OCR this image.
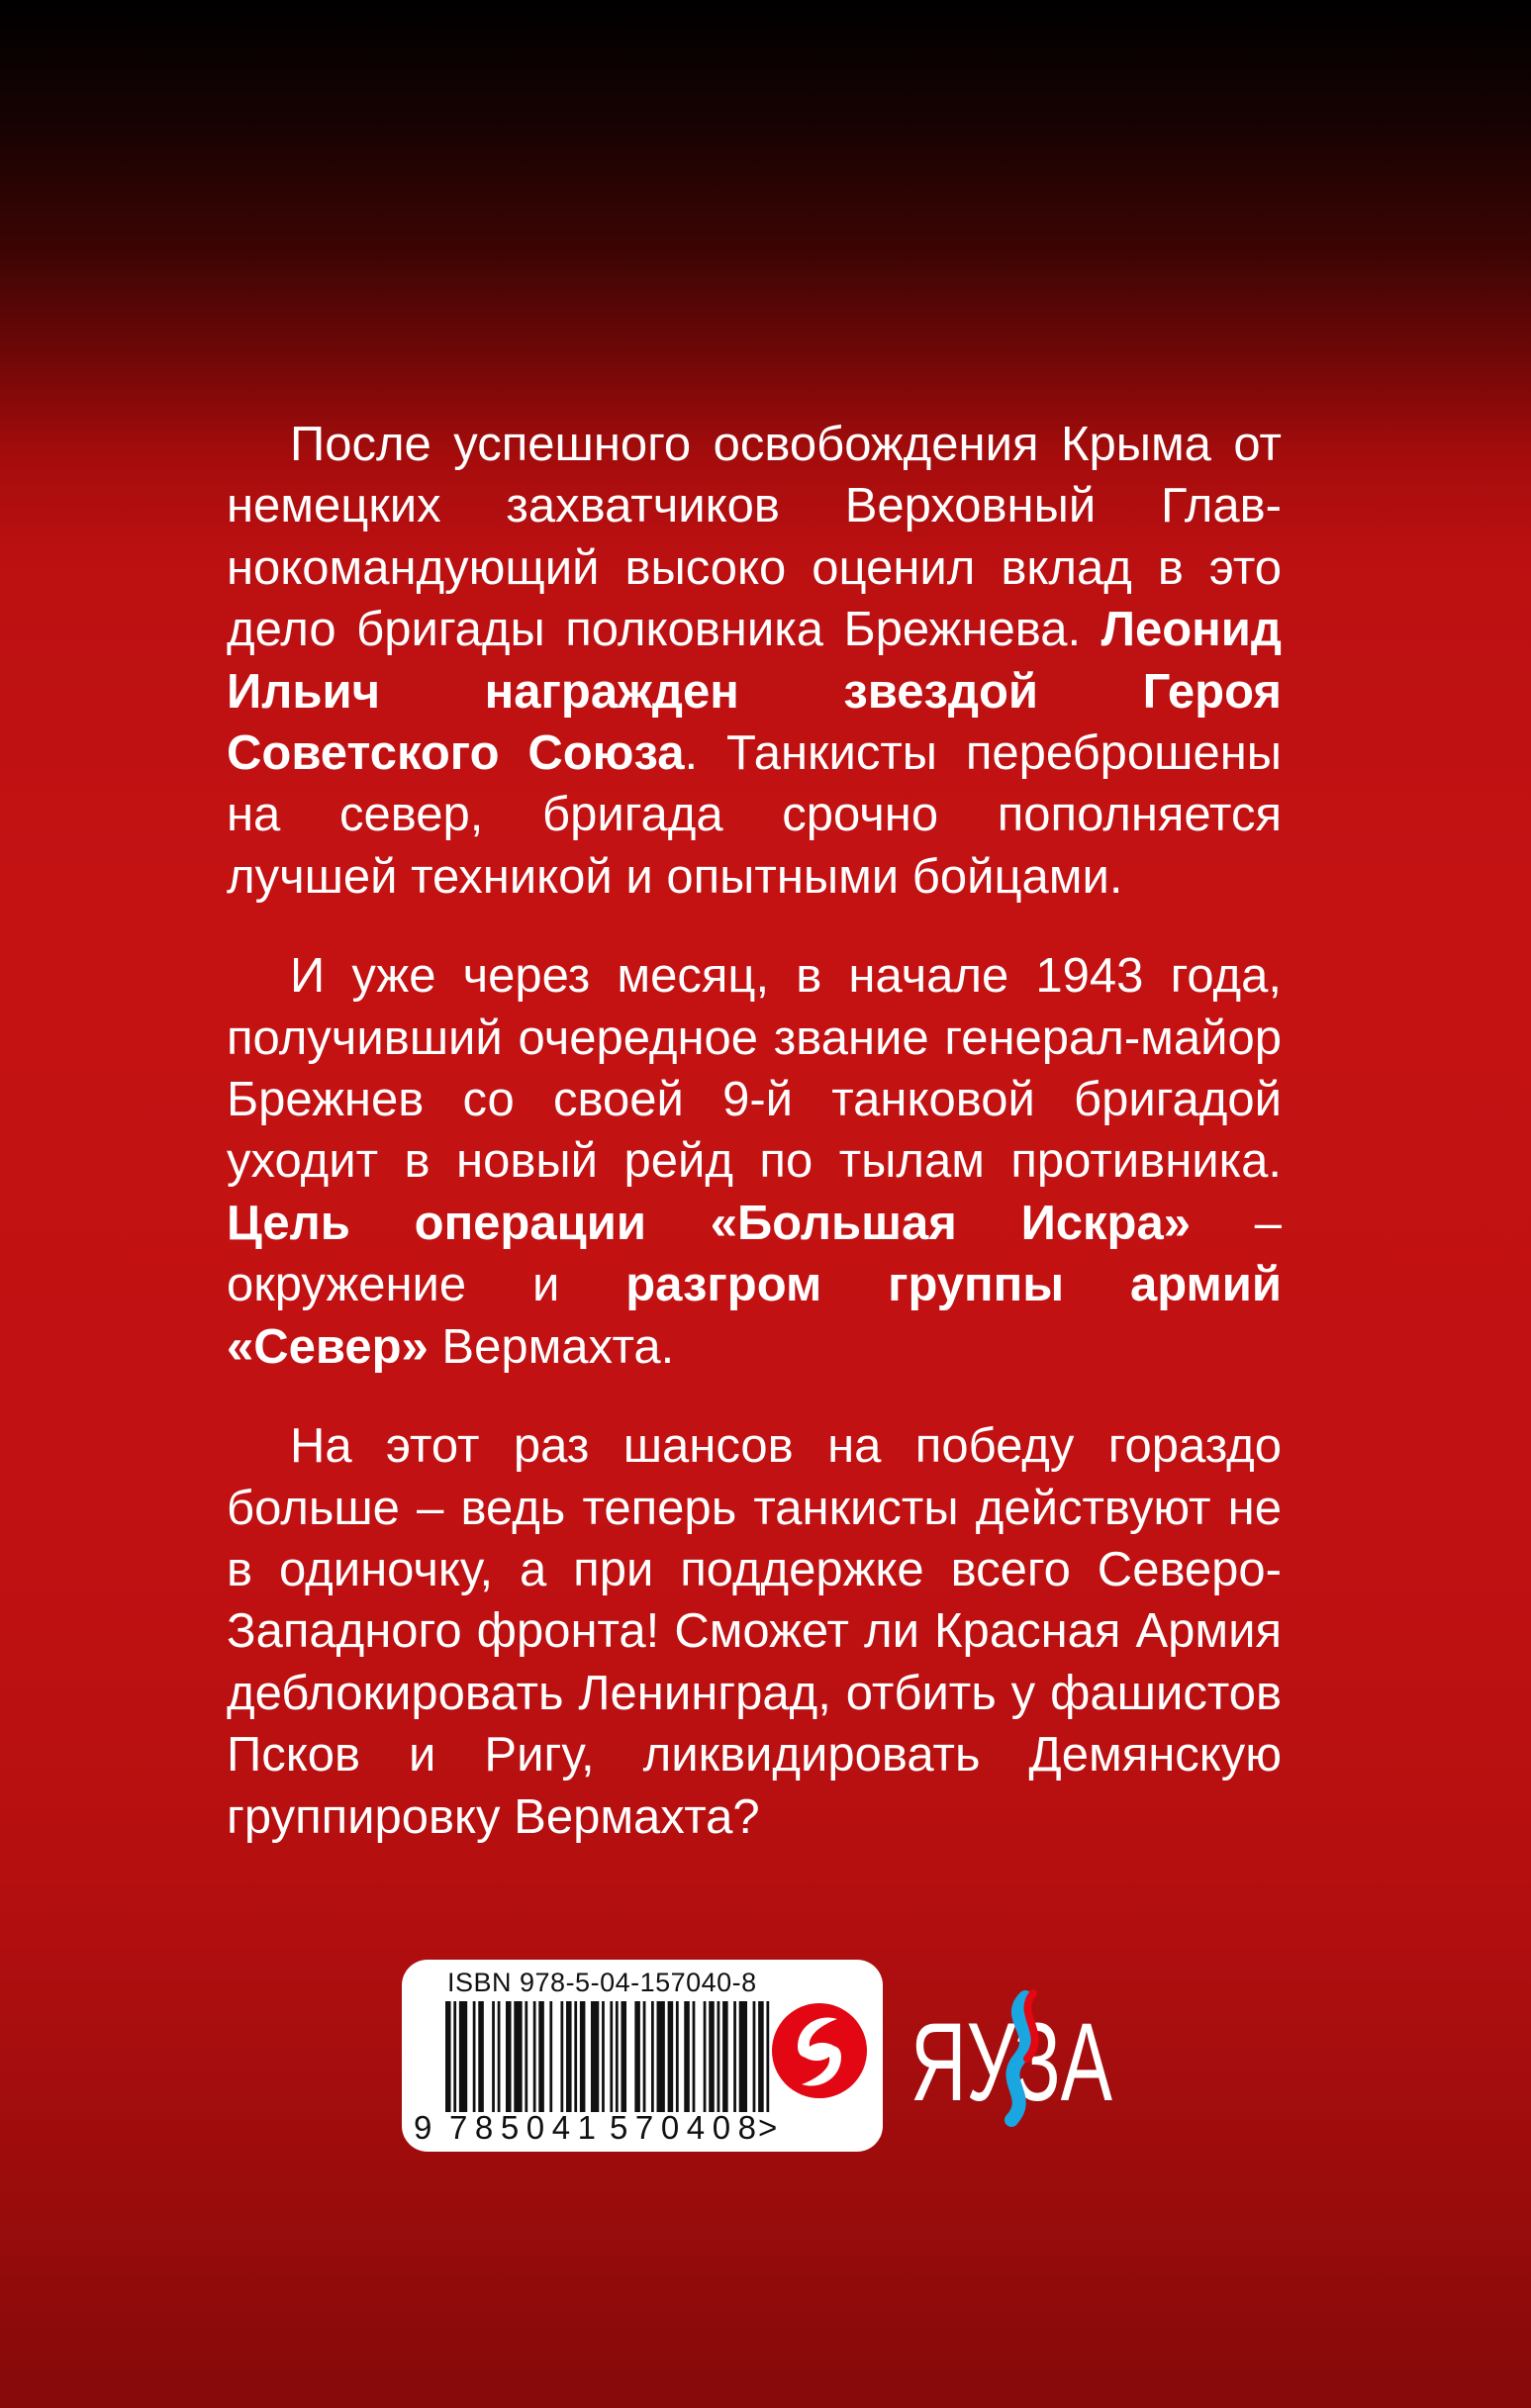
После успешного освобождения Крыма от немецких захватчиков Верховный Главнокомандующий высоко оценил вклад в это дело бригады полковника Брежнева. Леонид Ильич награжден звездой Героя Советского Союза. Танкисты переброшены на север, бригада срочно пополняется лучшей техникой и опытными бойцами.

И уже через месяц, в начале 1943 года, получивший очередное звание генерал-майор Брежнев со своей 9-й танковой бригадой уходит в новый рейд по тылам противника. Цель операции «Большая Искра» – окружение и разгром группы армий «Север» Вермахта.

На этот раз шансов на победу гораздо больше – ведь теперь танкисты действуют не в одиночку, а при поддержке всего Северо-Западного фронта! Сможет ли Красная Армия деблокировать Ленинград, отбить у фашистов Псков и Ригу, ликвидировать Демянскую группировку Вермахта?

ISBN 978-5-04-157040-8
9 785041 570408 >
ЯУЗА
